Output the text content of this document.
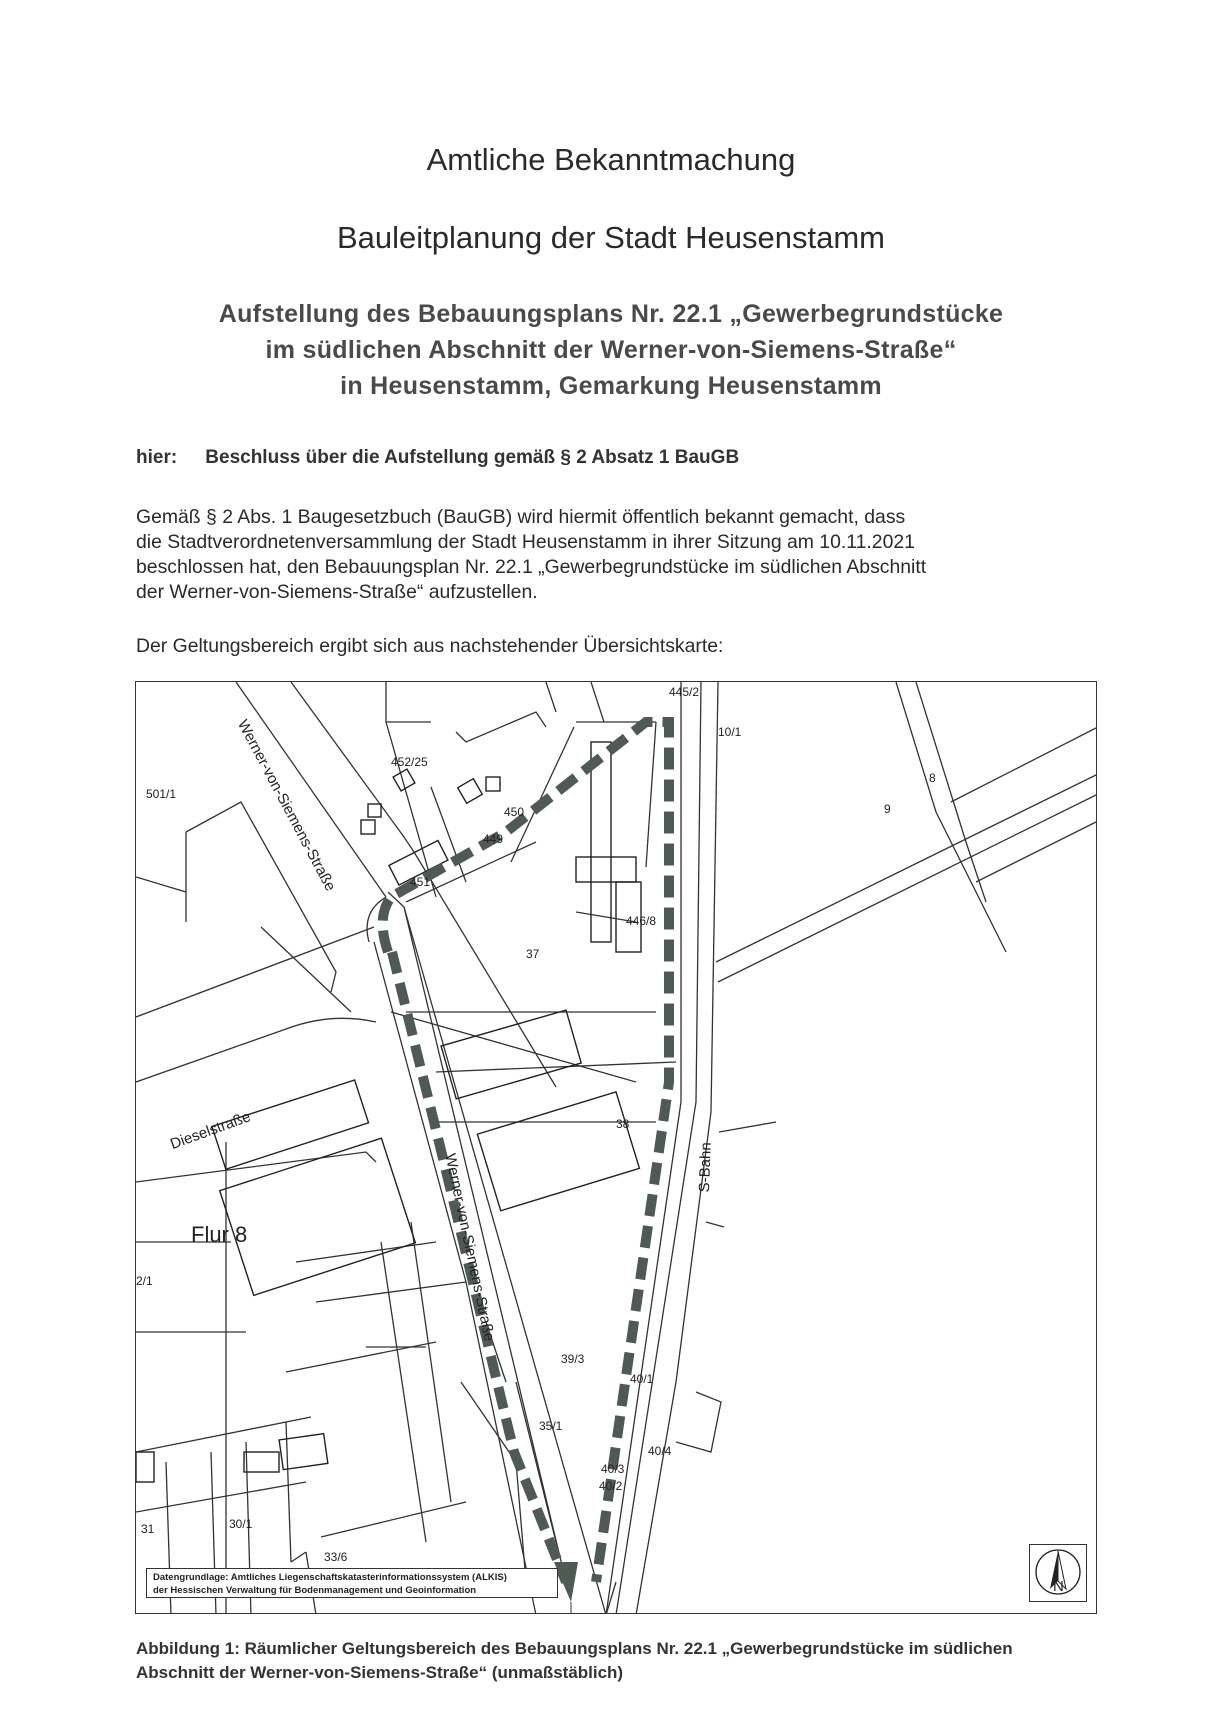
Amtliche Bekanntmachung
Bauleitplanung der Stadt Heusenstamm
Aufstellung des Bebauungsplans Nr. 22.1 „Gewerbegrundstücke
im südlichen Abschnitt der Werner-von-Siemens-Straße“
in Heusenstamm, Gemarkung Heusenstamm
hier: Beschluss über die Aufstellung gemäß § 2 Absatz 1 BauGB

Gemäß § 2 Abs. 1 Baugesetzbuch (BauGB) wird hiermit öffentlich bekannt gemacht, dass

die Stadtverordnetenversammlung der Stadt Heusenstamm in ihrer Sitzung am 10.11.2021

beschlossen hat, den Bebauungsplan Nr. 22.1 „Gewerbegrundstücke im südlichen Abschnitt

der Werner-von-Siemens-Straße“ aufzustellen.

Der Geltungsbereich ergibt sich aus nachstehender Übersichtskarte:
445/2
10/1
8
9
452/25
501/1
450
449
451
446/8
37
38
2/1
39/3
40/1
35/1
40/4
40/3
40/2
30/1
33/6
31
Flur 8
Werner-von-Siemens-Straße
Werner-von-Siemens-Straße
Dieselstraße
S-Bahn
Datengrundlage: Amtliches Liegenschaftskatasterinformationssystem (ALKIS)
der Hessischen Verwaltung für Bodenmanagement und Geoinformation	N
Abbildung 1: Räumlicher Geltungsbereich des Bebauungsplans Nr. 22.1 „Gewerbegrundstücke im südlichen
Abschnitt der Werner-von-Siemens-Straße“ (unmaßstäblich)
